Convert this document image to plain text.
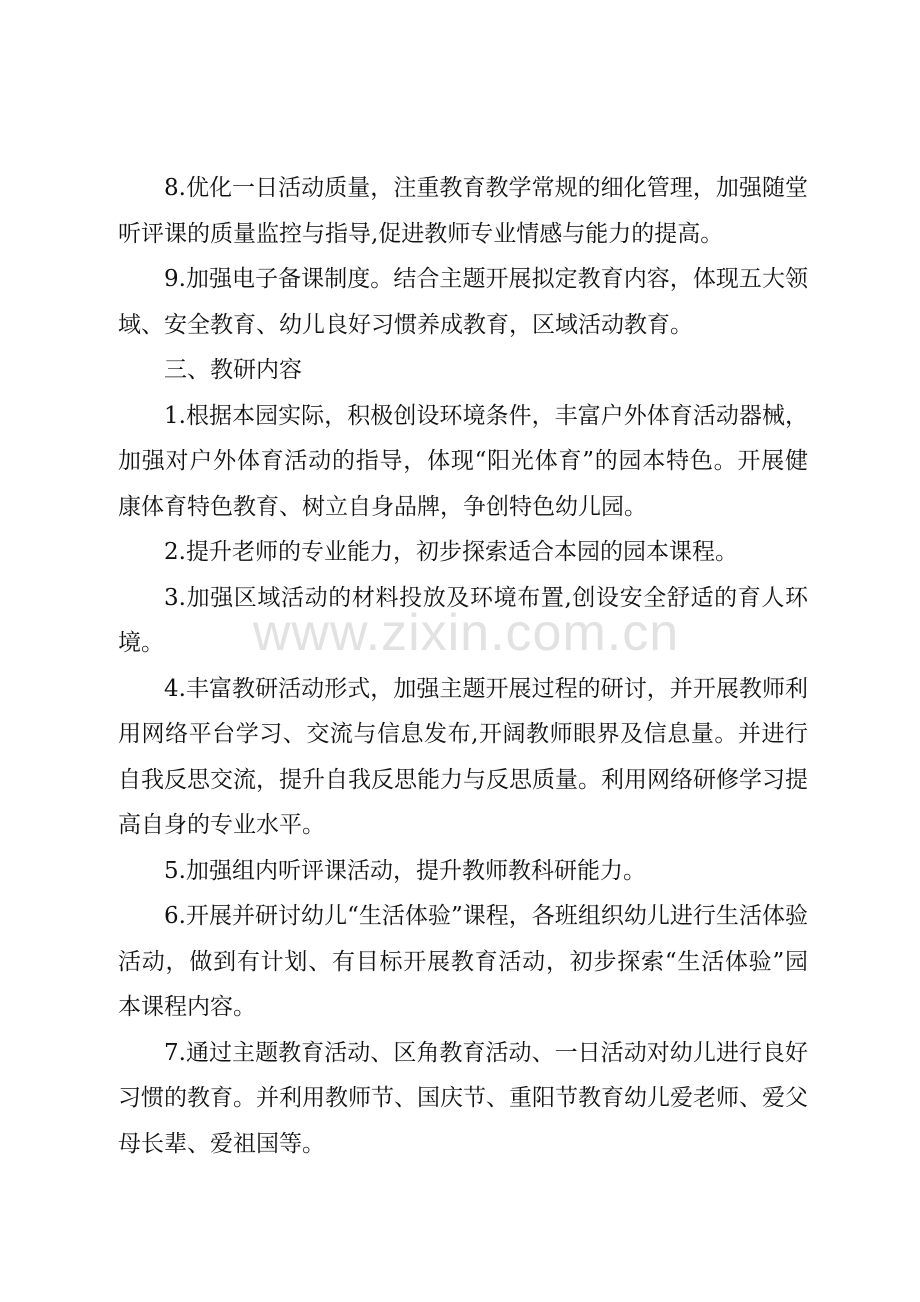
8.优化一日活动质量，注重教育教学常规的细化管理，加强随堂听评课的质量监控与指导,促进教师专业情感与能力的提高。

9.加强电子备课制度。结合主题开展拟定教育内容，体现五大领域、安全教育、幼儿良好习惯养成教育，区域活动教育。

三、教研内容

1.根据本园实际，积极创设环境条件，丰富户外体育活动器械，加强对户外体育活动的指导，体现“阳光体育”的园本特色。开展健康体育特色教育、树立自身品牌，争创特色幼儿园。

2.提升老师的专业能力，初步探索适合本园的园本课程。

3.加强区域活动的材料投放及环境布置,创设安全舒适的育人环境。

4.丰富教研活动形式，加强主题开展过程的研讨，并开展教师利用网络平台学习、交流与信息发布,开阔教师眼界及信息量。并进行自我反思交流，提升自我反思能力与反思质量。利用网络研修学习提高自身的专业水平。

5.加强组内听评课活动，提升教师教科研能力。

6.开展并研讨幼儿“生活体验”课程，各班组织幼儿进行生活体验活动，做到有计划、有目标开展教育活动，初步探索“生活体验”园本课程内容。

7.通过主题教育活动、区角教育活动、一日活动对幼儿进行良好习惯的教育。并利用教师节、国庆节、重阳节教育幼儿爱老师、爱父母长辈、爱祖国等。

www.zixin.com.cn
